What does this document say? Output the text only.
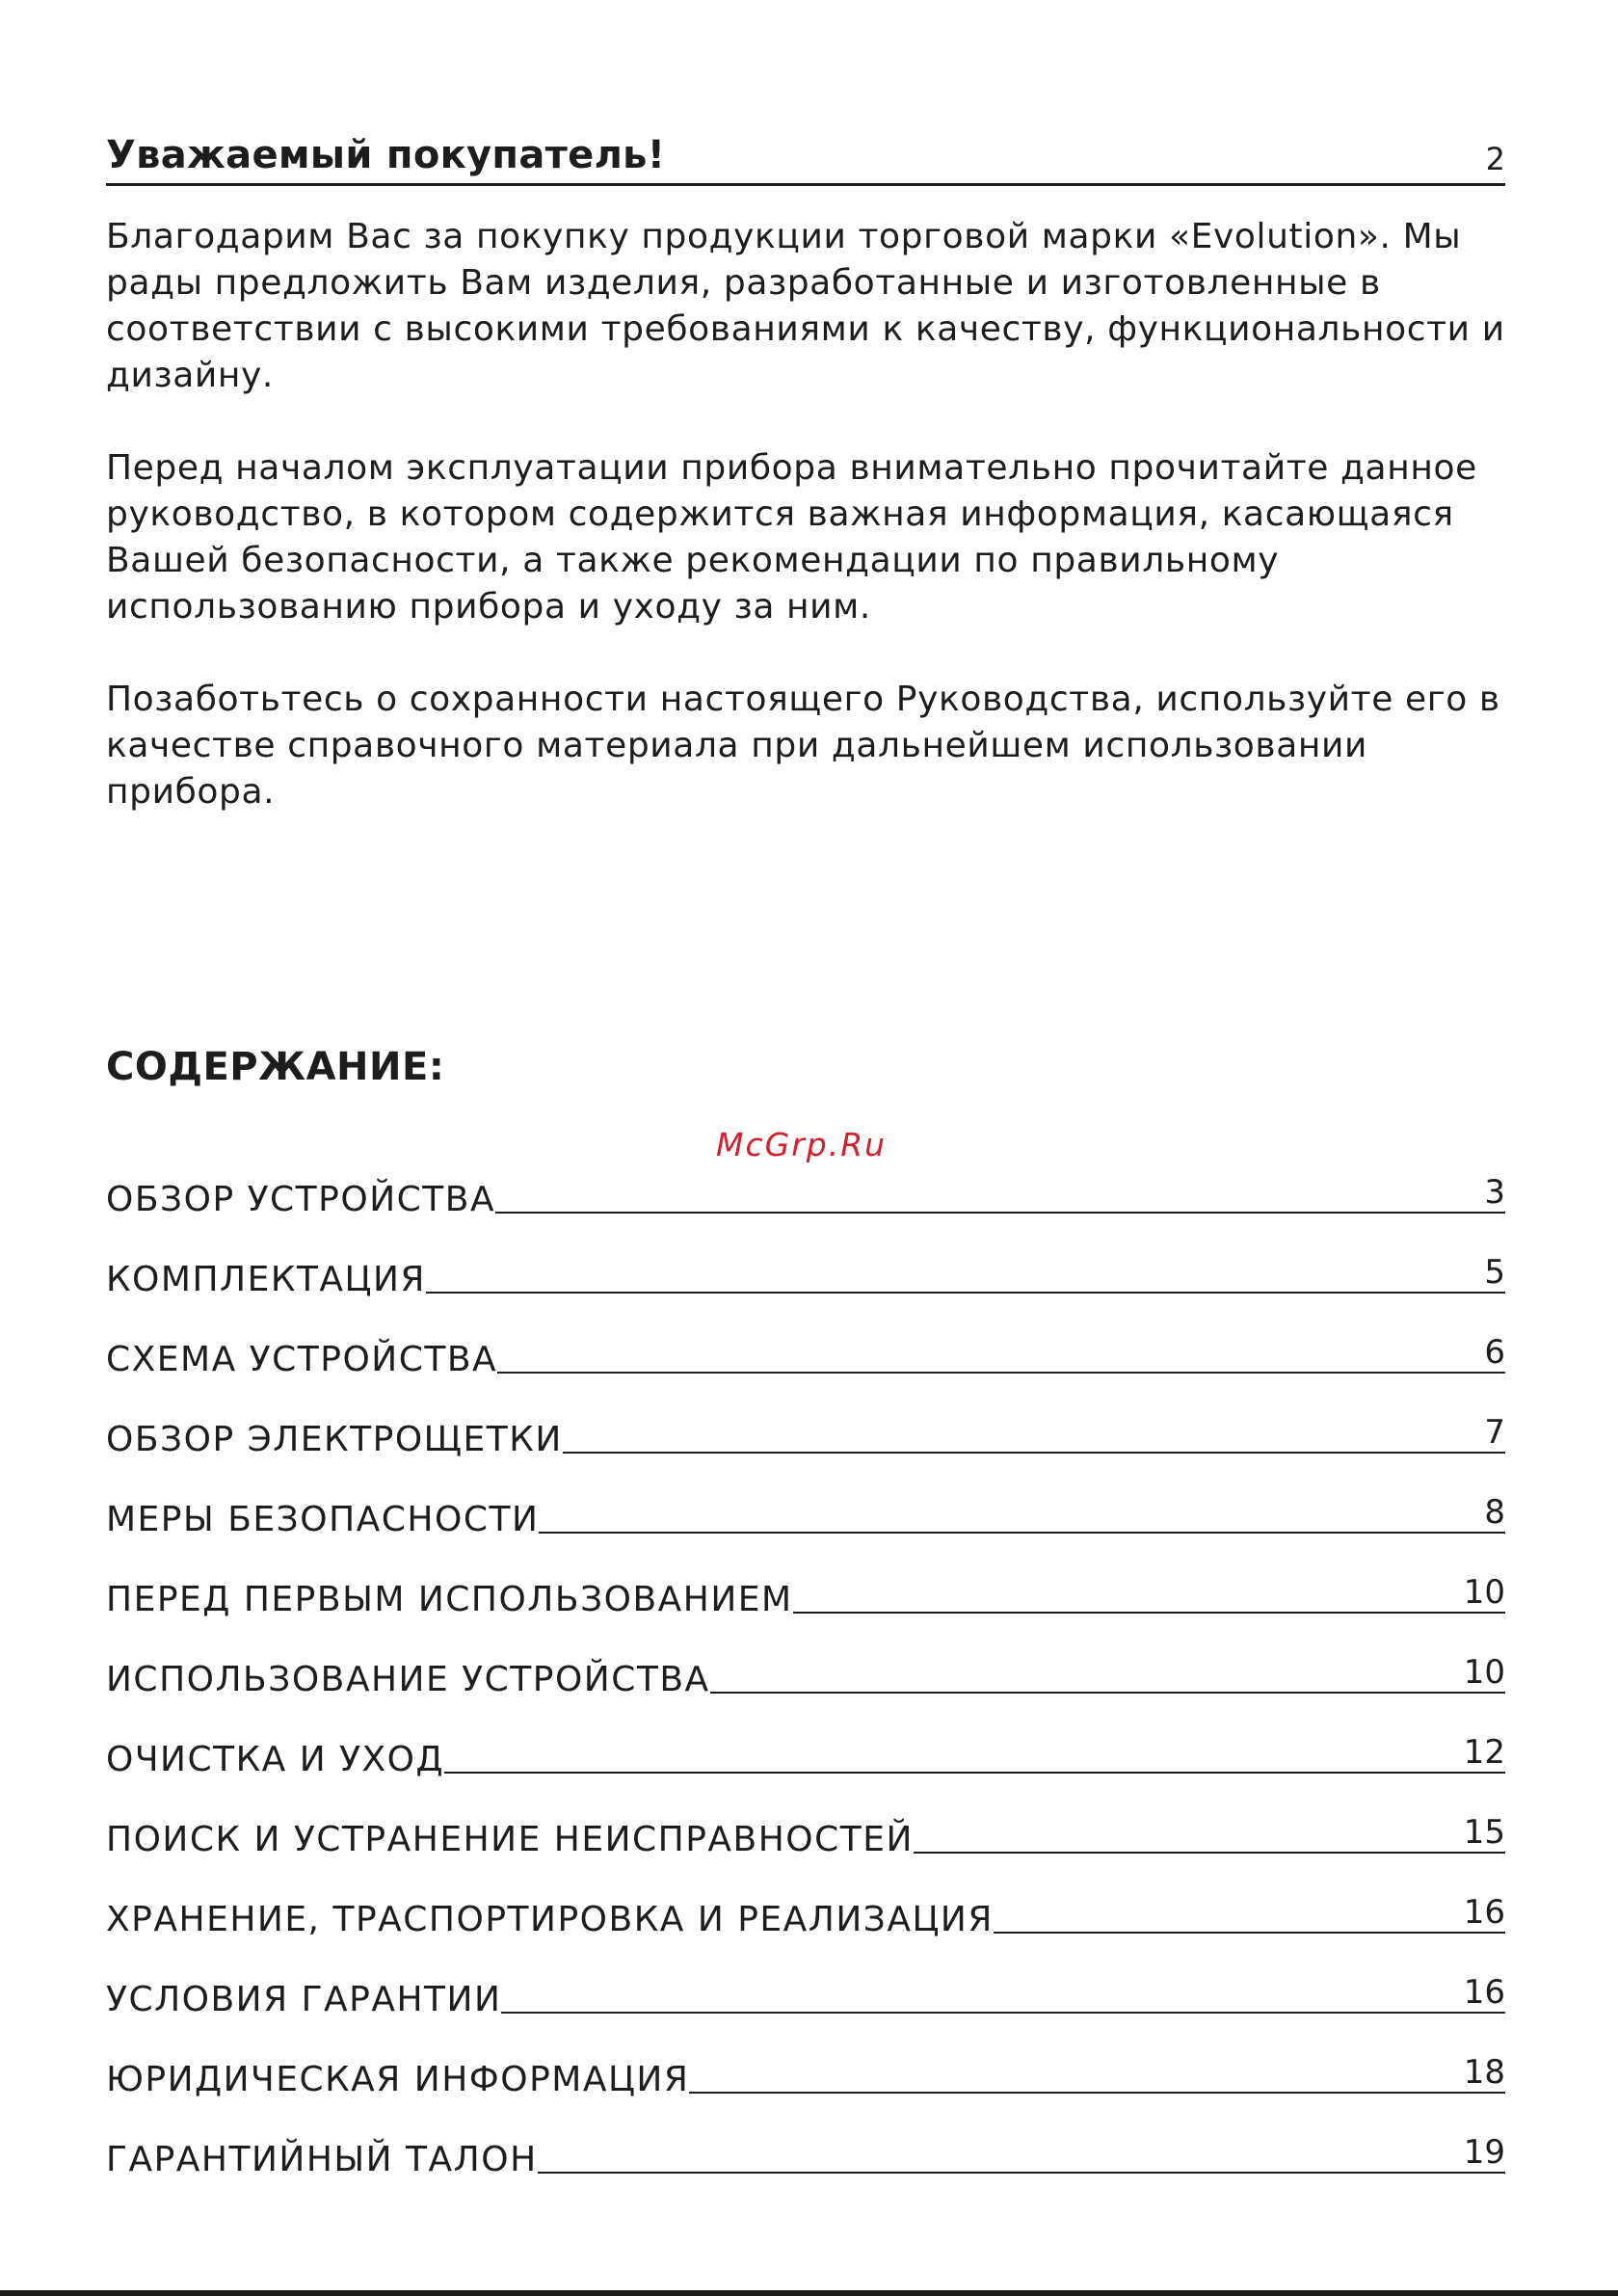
Уважаемый покупатель!	2

Благодарим Вас за покупку продукции торговой марки «Evolution». Мы рады предложить Вам изделия, разработанные и изготовленные в соответствии с высокими требованиями к качеству, функциональности и дизайну.

Перед началом эксплуатации прибора внимательно прочитайте данное руководство, в котором содержится важная информация, касающаяся Вашей безопасности, а также рекомендации по правильному использованию прибора и уходу за ним.

Позаботьтесь о сохранности настоящего Руководства, используйте его в качестве справочного материала при дальнейшем использовании прибора.

СОДЕРЖАНИЕ:
ОБЗОР УСТРОЙСТВА	3
КОМПЛЕКТАЦИЯ	5
СХЕМА УСТРОЙСТВА	6
ОБЗОР ЭЛЕКТРОЩЕТКИ	7
МЕРЫ БЕЗОПАСНОСТИ	8
ПЕРЕД ПЕРВЫМ ИСПОЛЬЗОВАНИЕМ	10
ИСПОЛЬЗОВАНИЕ УСТРОЙСТВА	10
ОЧИСТКА И УХОД	12
ПОИСК И УСТРАНЕНИЕ НЕИСПРАВНОСТЕЙ	15
ХРАНЕНИЕ, ТРАСПОРТИРОВКА И РЕАЛИЗАЦИЯ	16
УСЛОВИЯ ГАРАНТИИ	16
ЮРИДИЧЕСКАЯ ИНФОРМАЦИЯ	18
ГАРАНТИЙНЫЙ ТАЛОН	19
McGrp.Ru
